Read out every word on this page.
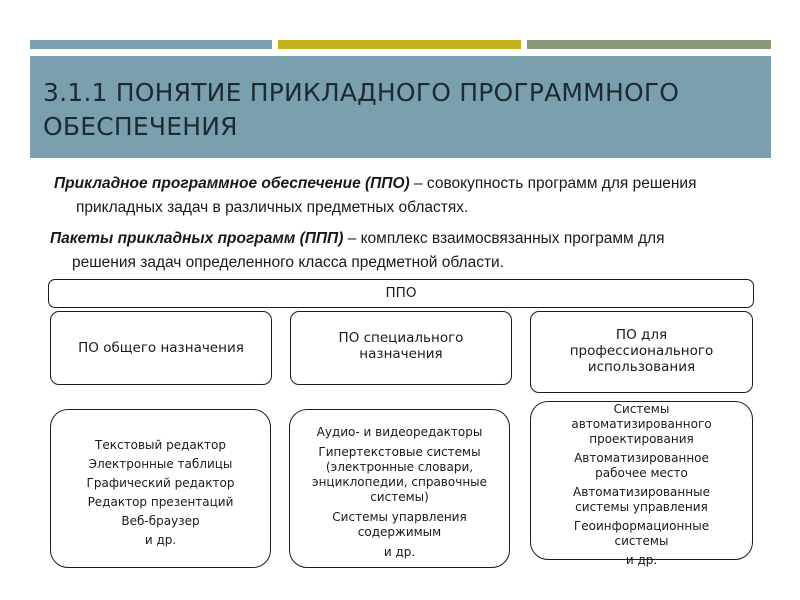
3.1.1 ПОНЯТИЕ ПРИКЛАДНОГО ПРОГРАММНОГО
ОБЕСПЕЧЕНИЯ

Прикладное программное обеспечение (ППО) – совокупность программ для решения
прикладных задач в различных предметных областях.

Пакеты прикладных программ (ППП) – комплекс взаимосвязанных программ для
решения задач определенного класса предметной области.

ППО
ПО общего назначения
ПО специального
назначения
ПО для
профессионального
использования
Текстовый редактор
Электронные таблицы
Графический редактор
Редактор презентаций
Веб-браузер
и др.
Аудио- и видеоредакторы
Гипертекстовые системы
(электронные словари,
энциклопедии, справочные
системы)
Системы упарвления
содержимым
и др.
Системы
автоматизированного
проектирования
Автоматизированное
рабочее место
Автоматизированные
системы управления
Геоинформационные
системы
и др.
